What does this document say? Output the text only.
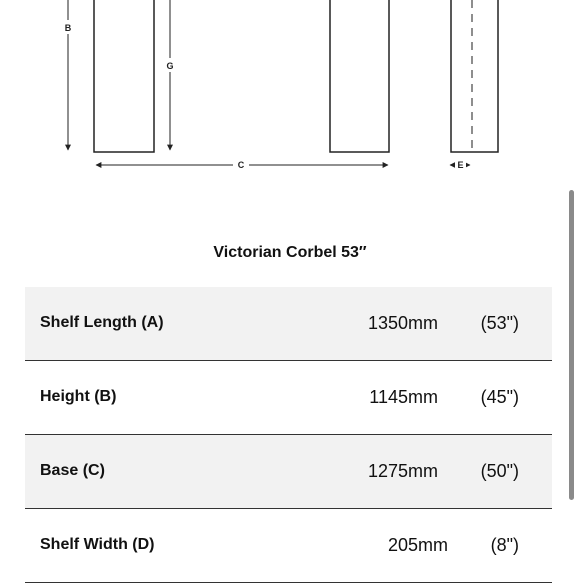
B
G
C	E
Victorian Corbel 53″
Shelf Length (A)	1350mm (53")
Height (B)	1145mm (45")
Base (C)	1275mm (50")
Shelf Width (D)	205mm (8")
